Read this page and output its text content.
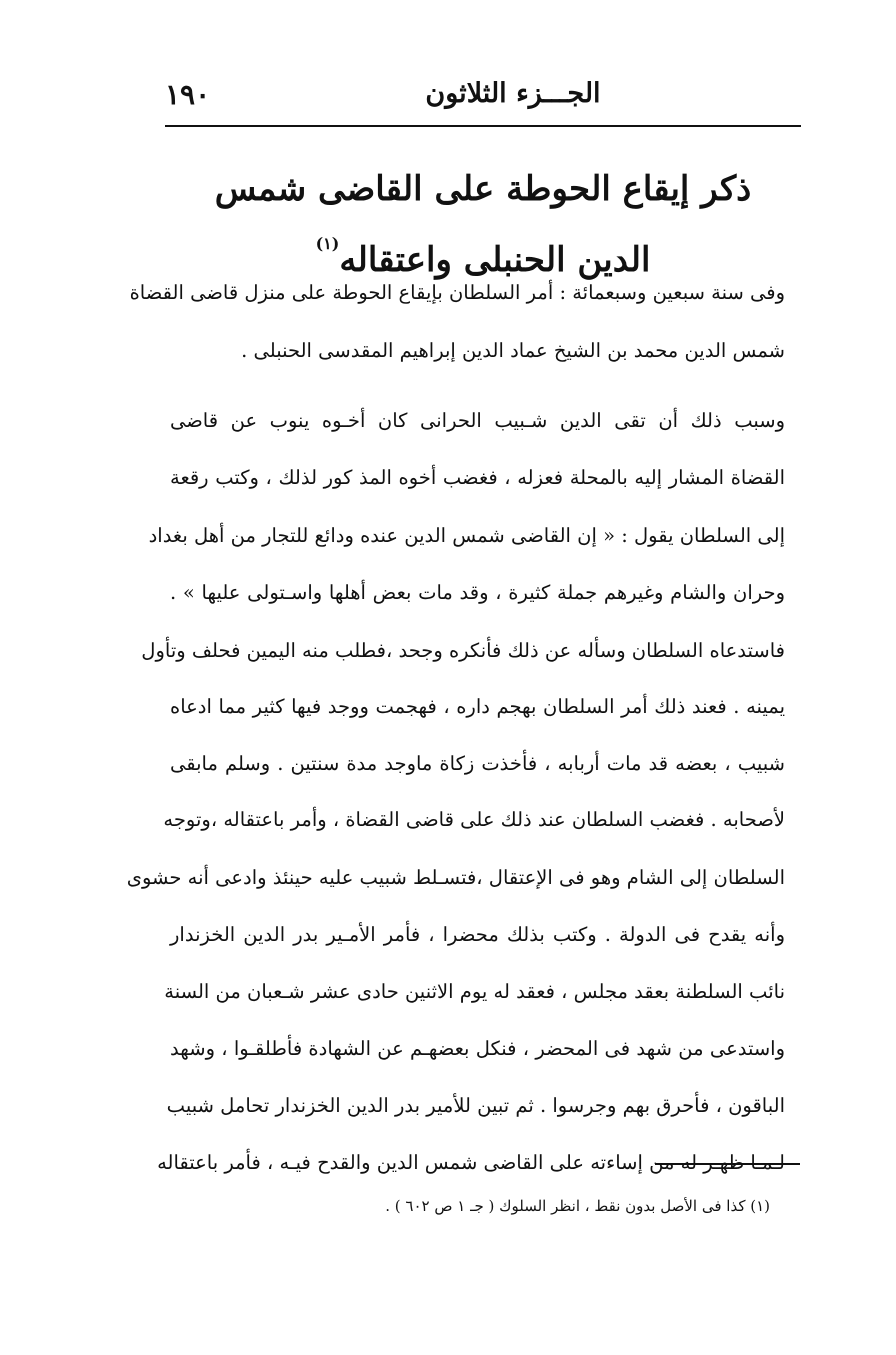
١٩٠	الجـــزء الثلاثون
ذكر إيقاع الحوطة على القاضى شمس
الدين الحنبلى واعتقاله$^{(١)}$
وفى سنة سبعين وسبعمائة : أمر السلطان بإيقاع الحوطة على منزل قاضى القضاة
شمس الدين محمد بن الشيخ عماد الدين إبراهيم المقدسى الحنبلى .
وسبب ذلك أن تقى الدين شـبيب الحرانى كان أخـوه ينوب عن قاضى
القضاة المشار إليه بالمحلة فعزله ، فغضب أخوه المذ كور لذلك ، وكتب رقعة
إلى السلطان يقول : « إن القاضى شمس الدين عنده ودائع للتجار من أهل بغداد
وحران والشام وغيرهم جملة كثيرة ، وقد مات بعض أهلها واسـتولى عليها » .
فاستدعاه السلطان وسأله عن ذلك فأنكره وجحد ،فطلب منه اليمين فحلف وتأول
يمينه . فعند ذلك أمر السلطان بهجم داره ، فهجمت ووجد فيها كثير مما ادعاه
شبيب ، بعضه قد مات أربابه ، فأخذت زكاة ماوجد مدة سنتين . وسلم مابقى
لأصحابه . فغضب السلطان عند ذلك على قاضى القضاة ، وأمر باعتقاله ،وتوجه
السلطان إلى الشام وهو فى الإعتقال ،فتسـلط شبيب عليه حينئذ وادعى أنه حشوى
وأنه يقدح فى الدولة . وكتب بذلك محضرا ، فأمر الأمـير بدر الدين الخزندار
نائب السلطنة بعقد مجلس ، فعقد له يوم الاثنين حادى عشر شـعبان من السنة
واستدعى من شهد فى المحضر ، فنكل بعضهـم عن الشهادة فأطلقـوا ، وشهد
الباقون ، فأحرق بهم وجرسوا . ثم تبين للأمير بدر الدين الخزندار تحامل شبيب
لـمـا ظهـر له من إساءته على القاضى شمس الدين والقدح فيـه ، فأمر باعتقاله
(١) كذا فى الأصل بدون نقط ، انظر السلوك ( جـ ١ ص ٦٠٢ ) .
